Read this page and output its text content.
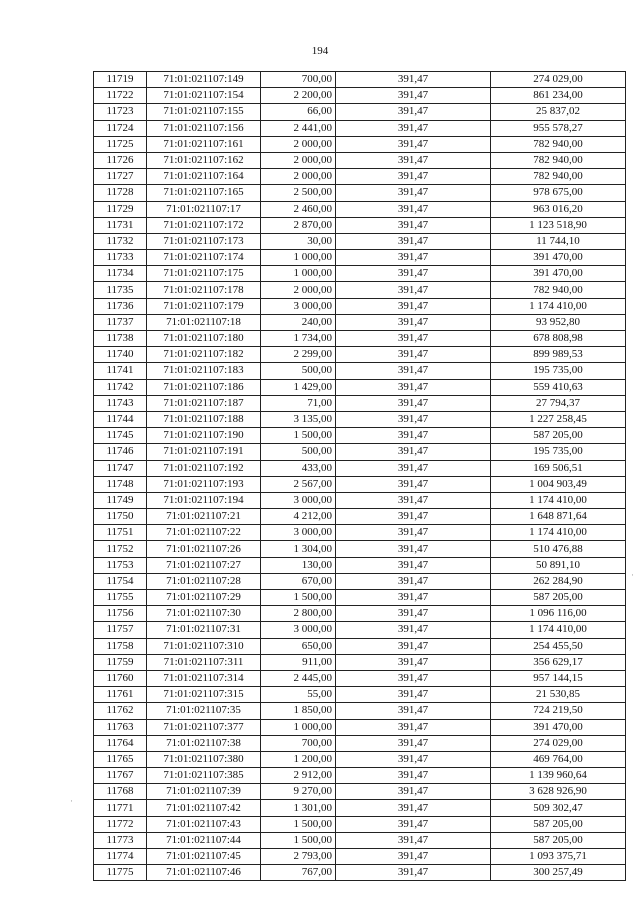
194
11719	71:01:021107:149	700,00	391,47	274 029,00
11722	71:01:021107:154	2 200,00	391,47	861 234,00
11723	71:01:021107:155	66,00	391,47	25 837,02
11724	71:01:021107:156	2 441,00	391,47	955 578,27
11725	71:01:021107:161	2 000,00	391,47	782 940,00
11726	71:01:021107:162	2 000,00	391,47	782 940,00
11727	71:01:021107:164	2 000,00	391,47	782 940,00
11728	71:01:021107:165	2 500,00	391,47	978 675,00
11729	71:01:021107:17	2 460,00	391,47	963 016,20
11731	71:01:021107:172	2 870,00	391,47	1 123 518,90
11732	71:01:021107:173	30,00	391,47	11 744,10
11733	71:01:021107:174	1 000,00	391,47	391 470,00
11734	71:01:021107:175	1 000,00	391,47	391 470,00
11735	71:01:021107:178	2 000,00	391,47	782 940,00
11736	71:01:021107:179	3 000,00	391,47	1 174 410,00
11737	71:01:021107:18	240,00	391,47	93 952,80
11738	71:01:021107:180	1 734,00	391,47	678 808,98
11740	71:01:021107:182	2 299,00	391,47	899 989,53
11741	71:01:021107:183	500,00	391,47	195 735,00
11742	71:01:021107:186	1 429,00	391,47	559 410,63
11743	71:01:021107:187	71,00	391,47	27 794,37
11744	71:01:021107:188	3 135,00	391,47	1 227 258,45
11745	71:01:021107:190	1 500,00	391,47	587 205,00
11746	71:01:021107:191	500,00	391,47	195 735,00
11747	71:01:021107:192	433,00	391,47	169 506,51
11748	71:01:021107:193	2 567,00	391,47	1 004 903,49
11749	71:01:021107:194	3 000,00	391,47	1 174 410,00
11750	71:01:021107:21	4 212,00	391,47	1 648 871,64
11751	71:01:021107:22	3 000,00	391,47	1 174 410,00
11752	71:01:021107:26	1 304,00	391,47	510 476,88
11753	71:01:021107:27	130,00	391,47	50 891,10
11754	71:01:021107:28	670,00	391,47	262 284,90
11755	71:01:021107:29	1 500,00	391,47	587 205,00
11756	71:01:021107:30	2 800,00	391,47	1 096 116,00
11757	71:01:021107:31	3 000,00	391,47	1 174 410,00
11758	71:01:021107:310	650,00	391,47	254 455,50
11759	71:01:021107:311	911,00	391,47	356 629,17
11760	71:01:021107:314	2 445,00	391,47	957 144,15
11761	71:01:021107:315	55,00	391,47	21 530,85
11762	71:01:021107:35	1 850,00	391,47	724 219,50
11763	71:01:021107:377	1 000,00	391,47	391 470,00
11764	71:01:021107:38	700,00	391,47	274 029,00
11765	71:01:021107:380	1 200,00	391,47	469 764,00
11767	71:01:021107:385	2 912,00	391,47	1 139 960,64
11768	71:01:021107:39	9 270,00	391,47	3 628 926,90
11771	71:01:021107:42	1 301,00	391,47	509 302,47
11772	71:01:021107:43	1 500,00	391,47	587 205,00
11773	71:01:021107:44	1 500,00	391,47	587 205,00
11774	71:01:021107:45	2 793,00	391,47	1 093 375,71
11775	71:01:021107:46	767,00	391,47	300 257,49
·
·
